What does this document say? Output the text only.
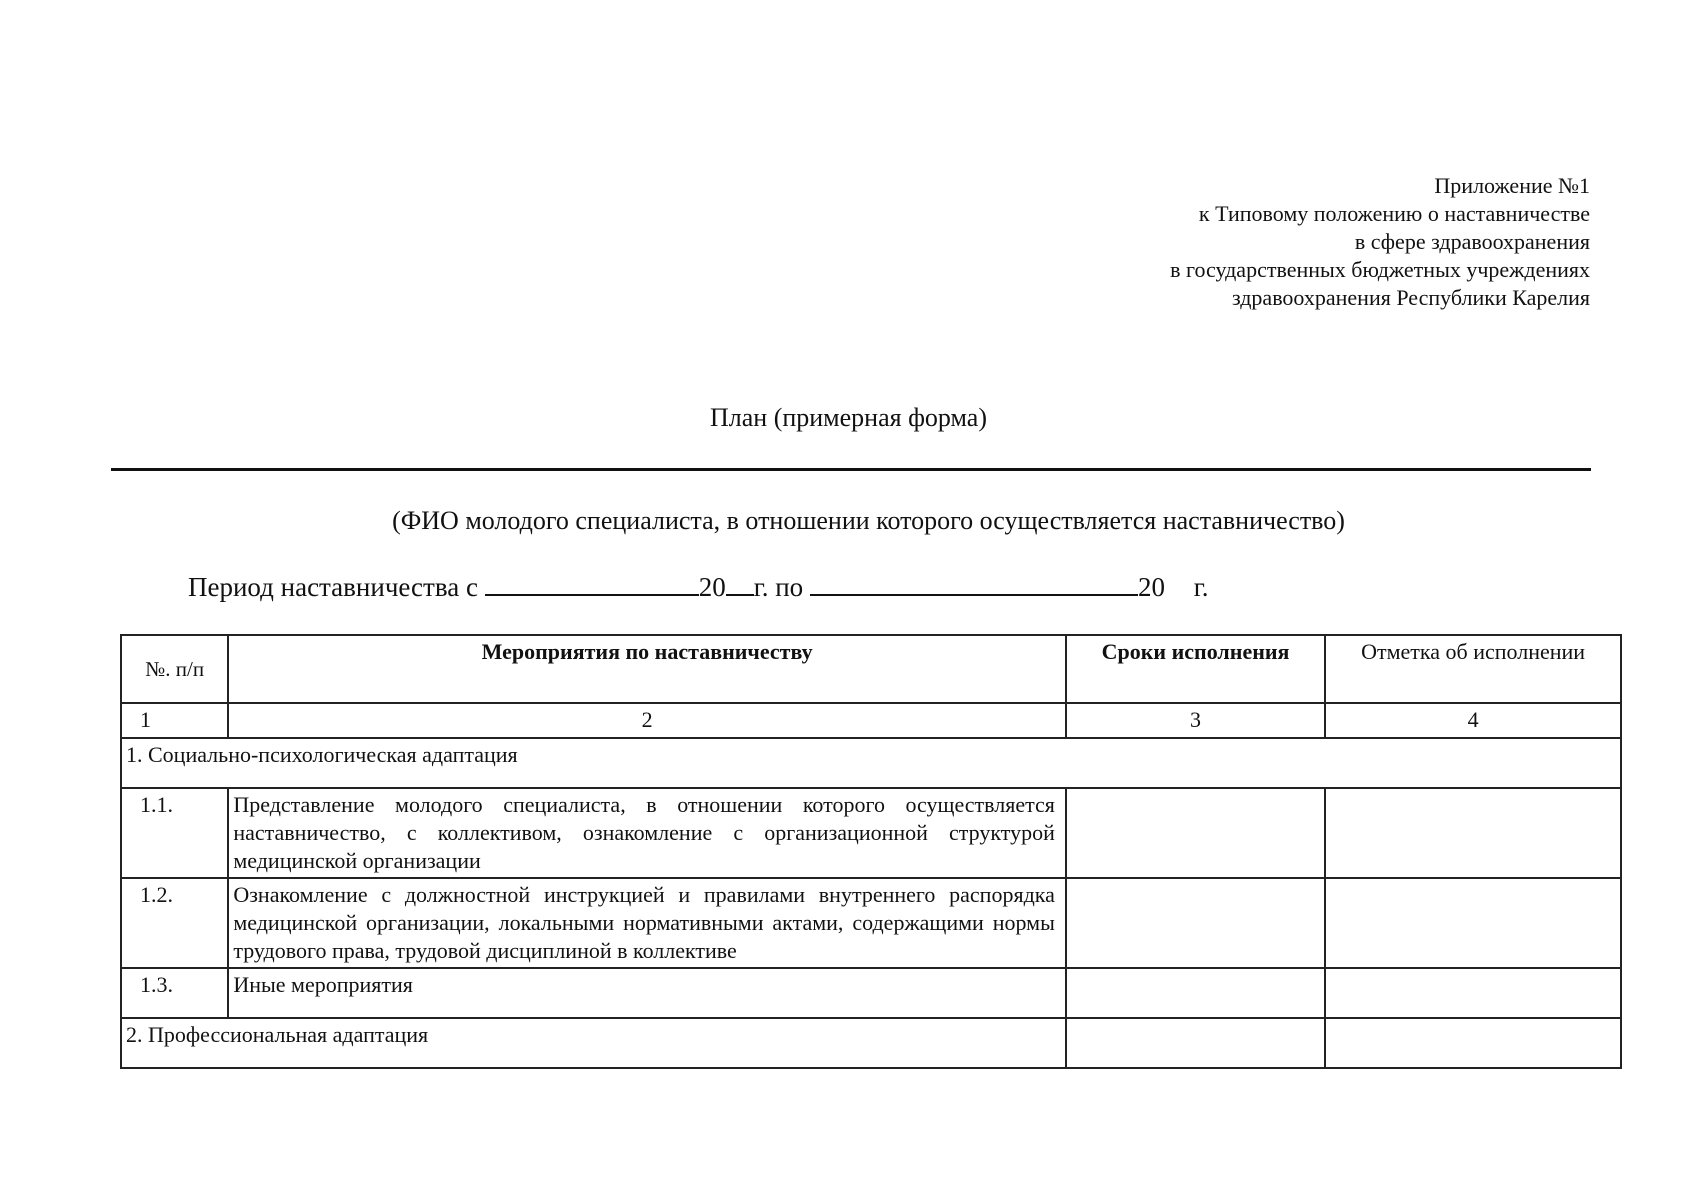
Приложение №1
к Типовому положению о наставничестве
в сфере здравоохранения
в государственных бюджетных учреждениях
здравоохранения Республики Карелия
План (примерная форма)
(ФИО молодого специалиста, в отношении которого осуществляется наставничество)
Период наставничества с	20 г. по	20 г.
№. п/п	Мероприятия по наставничеству	Сроки исполнения	Отметка об исполнении
1	2	3	4
1. Социально-психологическая адаптация			
1.1.	Представление молодого специалиста, в отношении которого осуществляется наставничество, с коллективом, ознакомление с организационной структурой медицинской организации		
1.2.	Ознакомление с должностной инструкцией и правилами внутреннего распорядка медицинской организации, локальными нормативными актами, содержащими нормы трудового права, трудовой дисциплиной в коллективе		
1.3.	Иные мероприятия		
2. Профессиональная адаптация			
